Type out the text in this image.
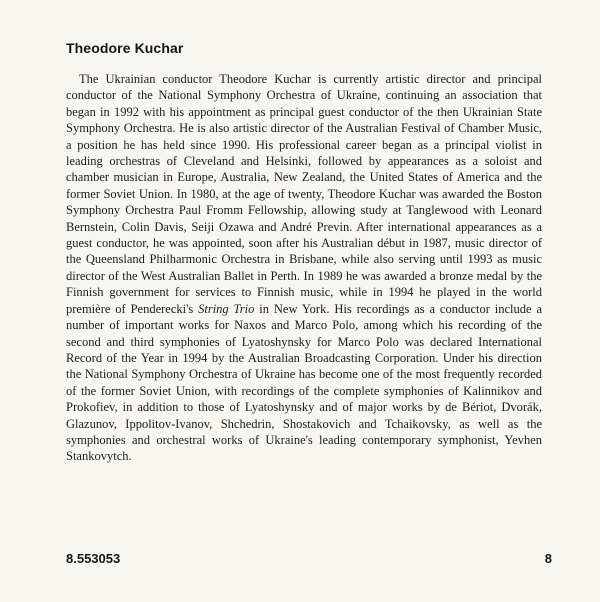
Theodore Kuchar

The Ukrainian conductor Theodore Kuchar is currently artistic director and principal conductor of the National Symphony Orchestra of Ukraine, continuing an association that began in 1992 with his appointment as principal guest conductor of the then Ukrainian State Symphony Orchestra. He is also artistic director of the Australian Festival of Chamber Music, a position he has held since 1990. His professional career began as a principal violist in leading orchestras of Cleveland and Helsinki, followed by appearances as a soloist and chamber musician in Europe, Australia, New Zealand, the United States of America and the former Soviet Union. In 1980, at the age of twenty, Theodore Kuchar was awarded the Boston Symphony Orchestra Paul Fromm Fellowship, allowing study at Tanglewood with Leonard Bernstein, Colin Davis, Seiji Ozawa and André Previn. After international appearances as a guest conductor, he was appointed, soon after his Australian début in 1987, music director of the Queensland Philharmonic Orchestra in Brisbane, while also serving until 1993 as music director of the West Australian Ballet in Perth. In 1989 he was awarded a bronze medal by the Finnish government for services to Finnish music, while in 1994 he played in the world première of Penderecki's String Trio in New York. His recordings as a conductor include a number of important works for Naxos and Marco Polo, among which his recording of the second and third symphonies of Lyatoshynsky for Marco Polo was declared International Record of the Year in 1994 by the Australian Broadcasting Corporation. Under his direction the National Symphony Orchestra of Ukraine has become one of the most frequently recorded of the former Soviet Union, with recordings of the complete symphonies of Kalinnikov and Prokofiev, in addition to those of Lyatoshynsky and of major works by de Bériot, Dvorák, Glazunov, Ippolitov-Ivanov, Shchedrin, Shostakovich and Tchaikovsky, as well as the symphonies and orchestral works of Ukraine's leading contemporary symphonist, Yevhen Stankovytch.

8.553053	8
